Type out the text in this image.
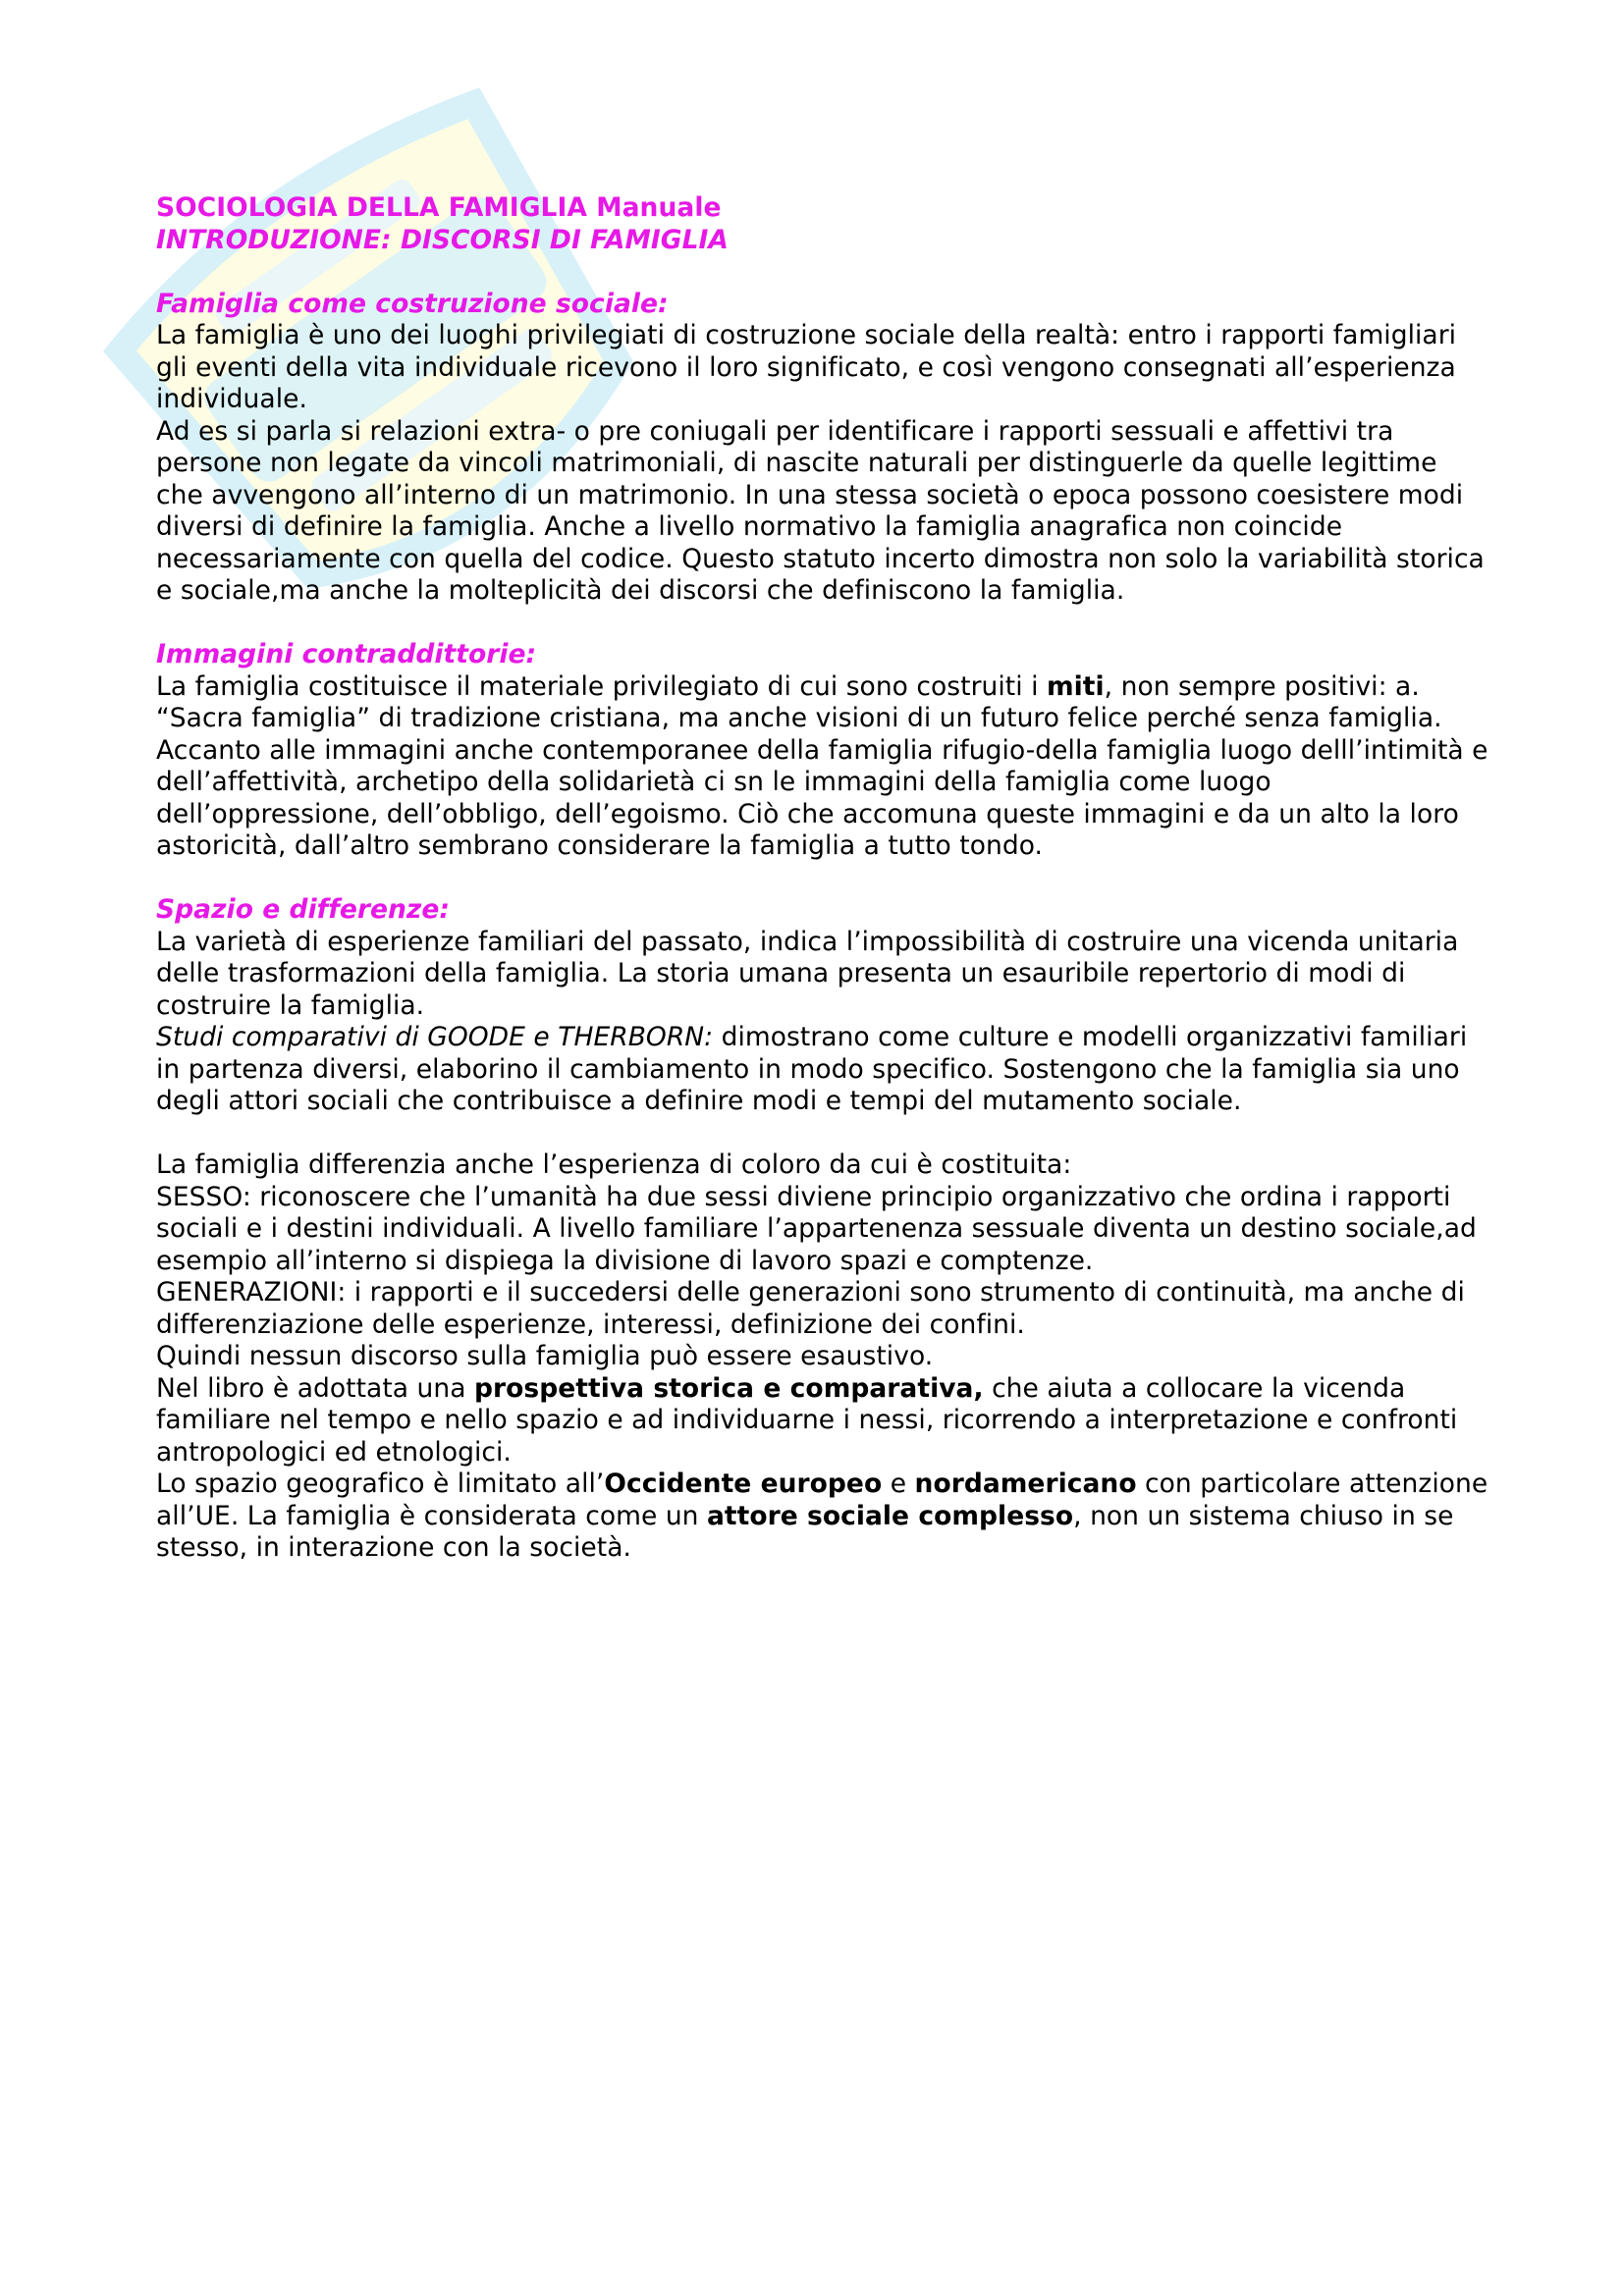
SOCIOLOGIA DELLA FAMIGLIA Manuale

INTRODUZIONE: DISCORSI DI FAMIGLIA

Famiglia come costruzione sociale:

La famiglia è uno dei luoghi privilegiati di costruzione sociale della realtà: entro i rapporti famigliari gli eventi della vita individuale ricevono il loro significato, e così vengono consegnati all’esperienza individuale.

Ad es si parla si relazioni extra- o pre coniugali per identificare i rapporti sessuali e affettivi tra persone non legate da vincoli matrimoniali, di nascite naturali per distinguerle da quelle legittime che avvengono all’interno di un matrimonio. In una stessa società o epoca possono coesistere modi diversi di definire la famiglia. Anche a livello normativo la famiglia anagrafica non coincide necessariamente con quella del codice. Questo statuto incerto dimostra non solo la variabilità storica e sociale,ma anche la molteplicità dei discorsi che definiscono la famiglia.

Immagini contraddittorie:

La famiglia costituisce il materiale privilegiato di cui sono costruiti i miti, non sempre positivi: a. “Sacra famiglia” di tradizione cristiana, ma anche visioni di un futuro felice perché senza famiglia. Accanto alle immagini anche contemporanee della famiglia rifugio-della famiglia luogo delll’intimità e dell’affettività, archetipo della solidarietà ci sn le immagini della famiglia come luogo dell’oppressione, dell’obbligo, dell’egoismo. Ciò che accomuna queste immagini e da un alto la loro astoricità, dall’altro sembrano considerare la famiglia a tutto tondo.

Spazio e differenze:

La varietà di esperienze familiari del passato, indica l’impossibilità di costruire una vicenda unitaria delle trasformazioni della famiglia. La storia umana presenta un esauribile repertorio di modi di costruire la famiglia.

Studi comparativi di GOODE e THERBORN: dimostrano come culture e modelli organizzativi familiari in partenza diversi, elaborino il cambiamento in modo specifico. Sostengono che la famiglia sia uno degli attori sociali che contribuisce a definire modi e tempi del mutamento sociale.

La famiglia differenzia anche l’esperienza di coloro da cui è costituita:

SESSO: riconoscere che l’umanità ha due sessi diviene principio organizzativo che ordina i rapporti sociali e i destini individuali. A livello familiare l’appartenenza sessuale diventa un destino sociale,ad esempio all’interno si dispiega la divisione di lavoro spazi e comptenze.

GENERAZIONI: i rapporti e il succedersi delle generazioni sono strumento di continuità, ma anche di differenziazione delle esperienze, interessi, definizione dei confini.

Quindi nessun discorso sulla famiglia può essere esaustivo.

Nel libro è adottata una prospettiva storica e comparativa, che aiuta a collocare la vicenda familiare nel tempo e nello spazio e ad individuarne i nessi, ricorrendo a interpretazione e confronti antropologici ed etnologici.

Lo spazio geografico è limitato all’Occidente europeo e nordamericano con particolare attenzione all’UE. La famiglia è considerata come un attore sociale complesso, non un sistema chiuso in se stesso, in interazione con la società.
